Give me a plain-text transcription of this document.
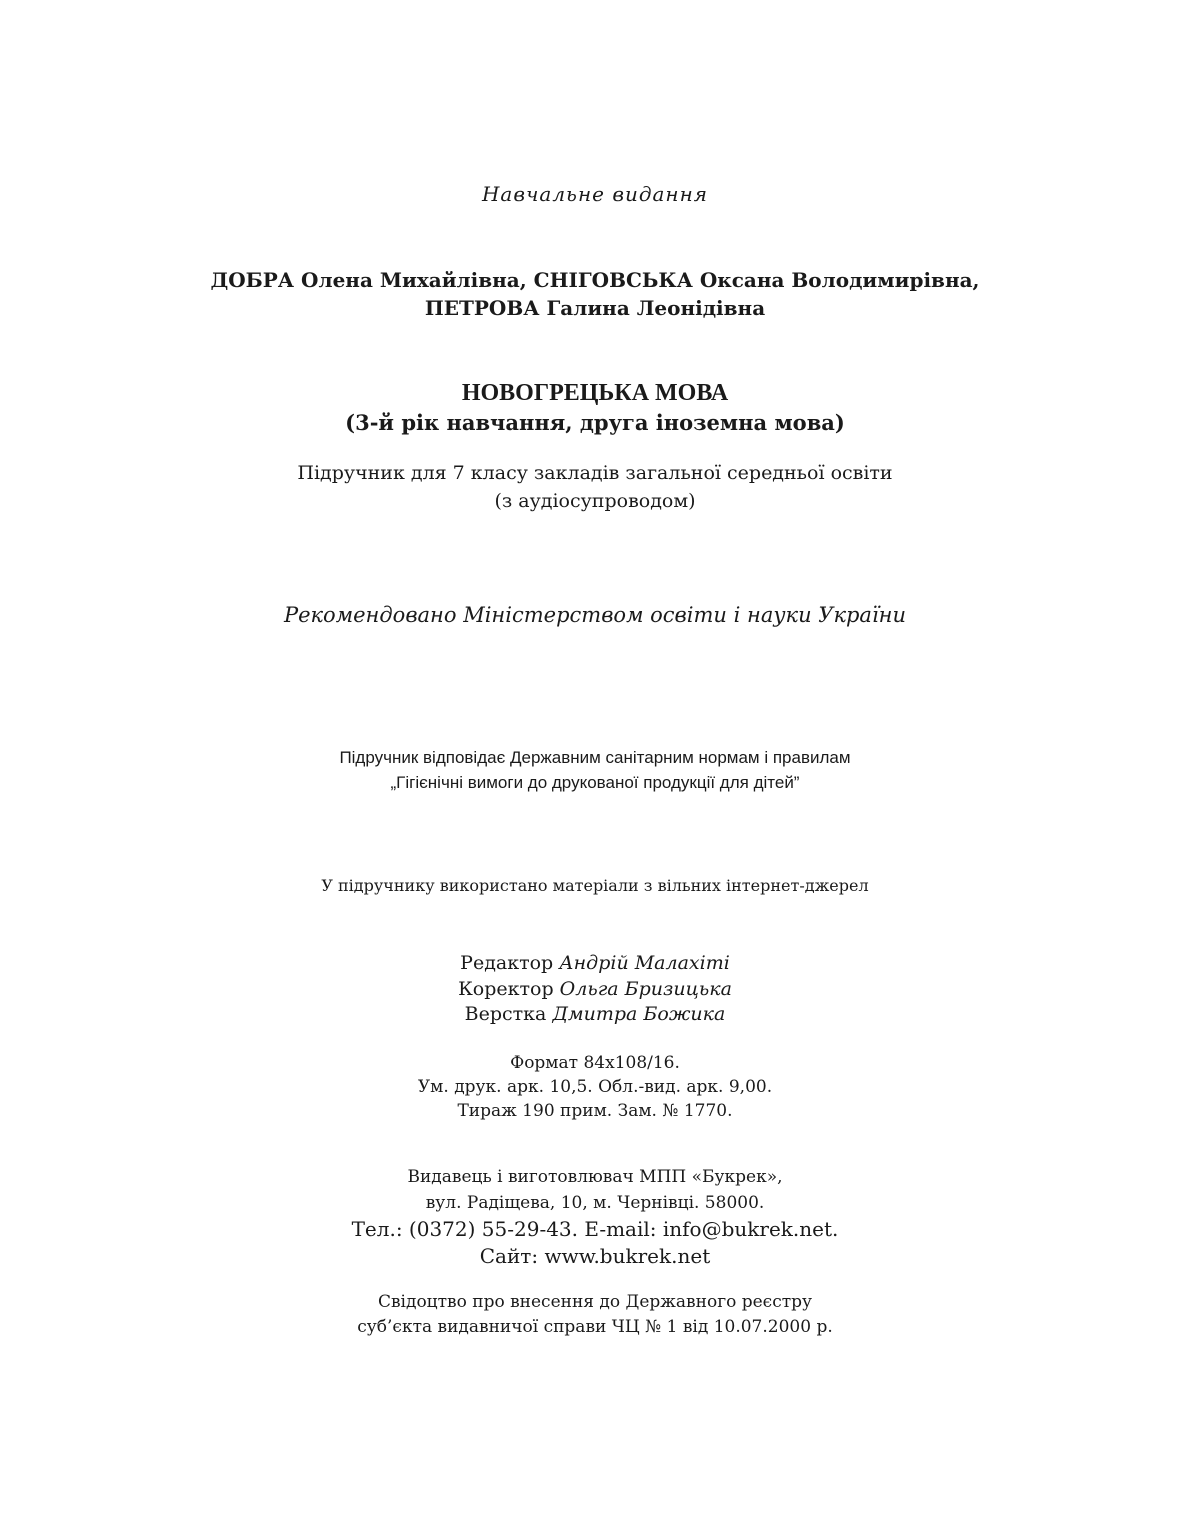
Навчальне видання
ДОБРА Олена Михайлівна, СНІГОВСЬКА Оксана Володимирівна,
ПЕТРОВА Галина Леонідівна
НОВОГРЕЦЬКА МОВА
(3-й рік навчання, друга іноземна мова)
Підручник для 7 класу закладів загальної середньої освіти
(з аудіосупроводом)
Рекомендовано Міністерством освіти і науки України
Підручник відповідає Державним санітарним нормам і правилам
„Гігієнічні вимоги до друкованої продукції для дітей”
У підручнику використано матеріали з вільних інтернет-джерел
Редактор Андрій Малахіті
Коректор Ольга Бризицька
Верстка Дмитра Божика
Формат 84х108/16.
Ум. друк. арк. 10,5. Обл.-вид. арк. 9,00.
Тираж 190 прим. Зам. № 1770.
Видавець і виготовлювач МПП «Букрек»,
вул. Радіщева, 10, м. Чернівці. 58000.
Тел.: (0372) 55-29-43. E-mail: info@bukrek.net.
Сайт: www.bukrek.net
Свідоцтво про внесення до Державного реєстру
суб’єкта видавничої справи ЧЦ № 1 від 10.07.2000 р.
